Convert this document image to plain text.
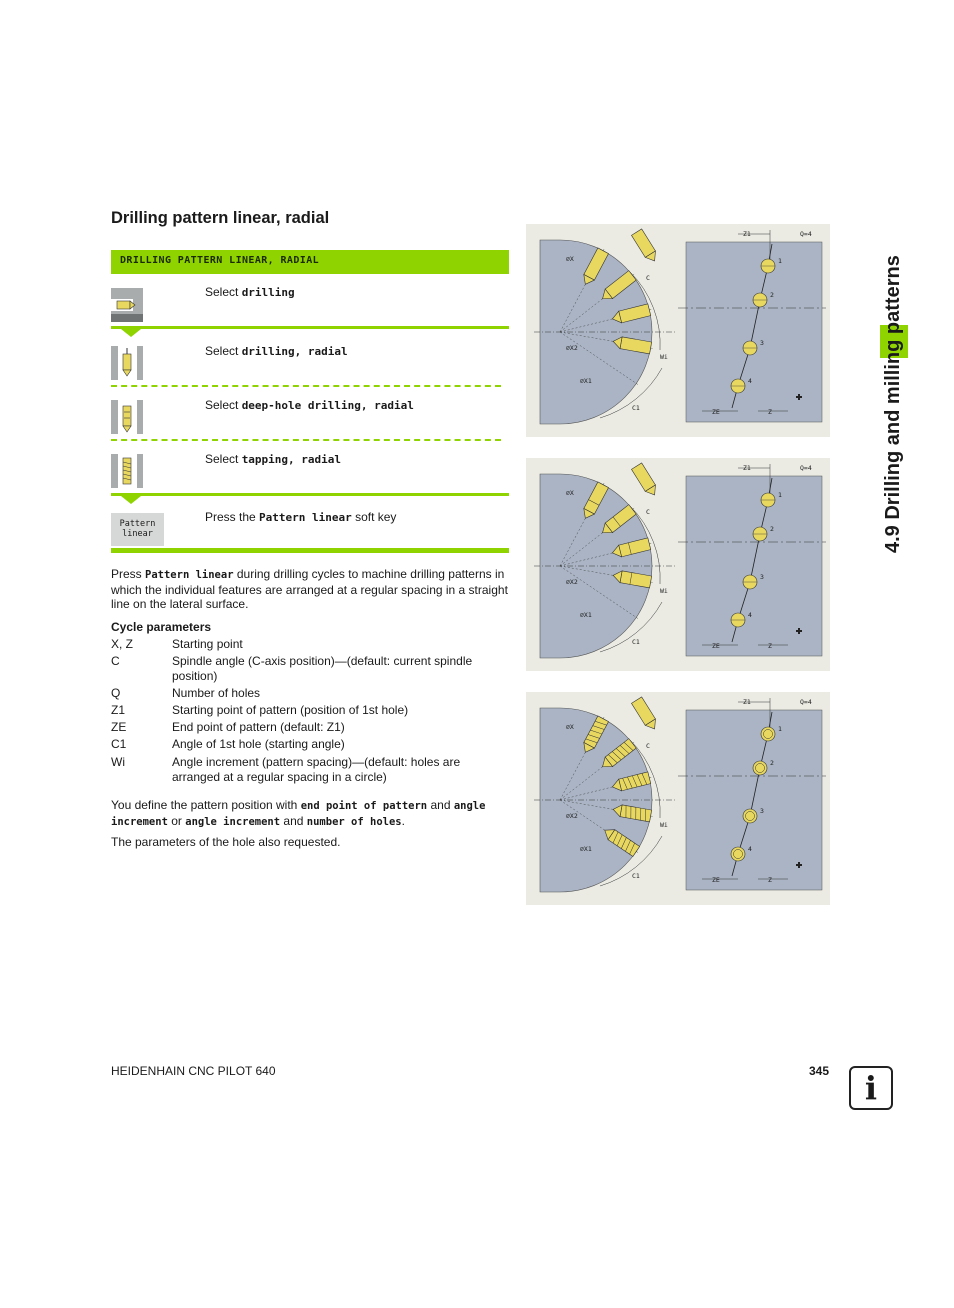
Drilling pattern linear, radial
DRILLING PATTERN LINEAR, RADIAL
Select drilling
Select drilling, radial
Select deep-hole drilling, radial
Select tapping, radial
Pattern
linear
Press the Pattern linear soft key

Press Pattern linear during drilling cycles to machine drilling patterns in which the individual features are arranged at a regular spacing in a straight line on the lateral surface.

Cycle parameters
X, Z	Starting point
C	Spindle angle (C-axis position)—(default: current spindle position)
Q	Number of holes
Z1	Starting point of pattern (position of 1st hole)
ZE	End point of pattern (default: Z1)
C1	Angle of 1st hole (starting angle)
Wi	Angle increment (pattern spacing)—(default: holes are arranged at a regular spacing in a circle)

You define the pattern position with end point of pattern and angle increment or angle increment and number of holes.

The parameters of the hole also requested.

⌀X
⌀X2
⌀X1
C
C1
Wi
Z1	Q=4
1
2
3
4
ZE	Z
⌀X
⌀X2
⌀X1
C
C1
Wi
Z1	Q=4
1
2
3
4
ZE	Z
⌀X
⌀X2
⌀X1
C
C1
Wi
Z1	Q=4
1
2
3
4
ZE	Z
4.9 Drilling and milling patterns
HEIDENHAIN CNC PILOT 640	345	i
